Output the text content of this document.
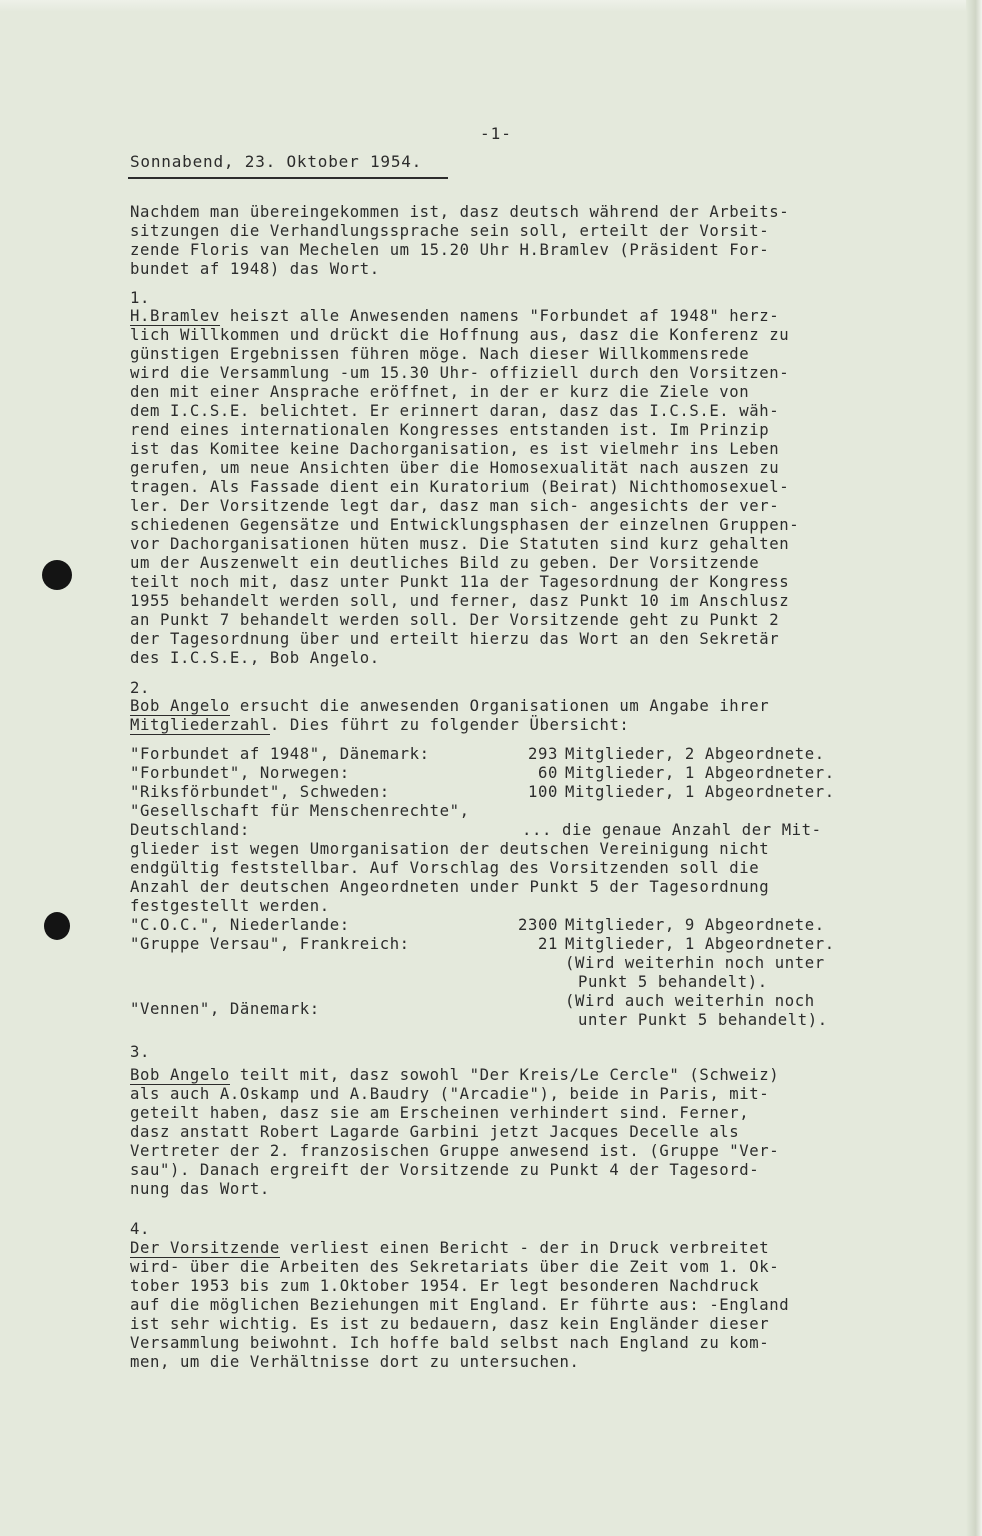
-1-
Sonnabend, 23. Oktober 1954.
Nachdem man übereingekommen ist, dasz deutsch während der Arbeits-
sitzungen die Verhandlungssprache sein soll, erteilt der Vorsit-
zende Floris van Mechelen um 15.20 Uhr H.Bramlev (Präsident For-
bundet af 1948) das Wort.
1.
H.Bramlev heiszt alle Anwesenden namens "Forbundet af 1948" herz-
lich Willkommen und drückt die Hoffnung aus, dasz die Konferenz zu
günstigen Ergebnissen führen möge. Nach dieser Willkommensrede
wird die Versammlung -um 15.30 Uhr- offiziell durch den Vorsitzen-
den mit einer Ansprache eröffnet, in der er kurz die Ziele von
dem I.C.S.E. belichtet. Er erinnert daran, dasz das I.C.S.E. wäh-
rend eines internationalen Kongresses entstanden ist. Im Prinzip
ist das Komitee keine Dachorganisation, es ist vielmehr ins Leben
gerufen, um neue Ansichten über die Homosexualität nach auszen zu
tragen. Als Fassade dient ein Kuratorium (Beirat) Nichthomosexuel-
ler. Der Vorsitzende legt dar, dasz man sich- angesichts der ver-
schiedenen Gegensätze und Entwicklungsphasen der einzelnen Gruppen-
vor Dachorganisationen hüten musz. Die Statuten sind kurz gehalten
um der Auszenwelt ein deutliches Bild zu geben. Der Vorsitzende
teilt noch mit, dasz unter Punkt 11a der Tagesordnung der Kongress
1955 behandelt werden soll, und ferner, dasz Punkt 10 im Anschlusz
an Punkt 7 behandelt werden soll. Der Vorsitzende geht zu Punkt 2
der Tagesordnung über und erteilt hierzu das Wort an den Sekretär
des I.C.S.E., Bob Angelo.
2.
Bob Angelo ersucht die anwesenden Organisationen um Angabe ihrer
Mitgliederzahl. Dies führt zu folgender Übersicht:
"Forbundet af 1948", Dänemark:	293 Mitglieder, 2 Abgeordnete.
"Forbundet", Norwegen:	60 Mitglieder, 1 Abgeordneter.
"Riksförbundet", Schweden:	100 Mitglieder, 1 Abgeordneter.
"Gesellschaft für Menschenrechte",
Deutschland:	... die genaue Anzahl der Mit-
glieder ist wegen Umorganisation der deutschen Vereinigung nicht
endgültig feststellbar. Auf Vorschlag des Vorsitzenden soll die
Anzahl der deutschen Angeordneten under Punkt 5 der Tagesordnung
festgestellt werden.
"C.O.C.", Niederlande:	2300 Mitglieder, 9 Abgeordnete.
"Gruppe Versau", Frankreich:	21 Mitglieder, 1 Abgeordneter.
(Wird weiterhin noch unter
Punkt 5 behandelt).
"Vennen", Dänemark:	(Wird auch weiterhin noch
unter Punkt 5 behandelt).
3.
Bob Angelo teilt mit, dasz sowohl "Der Kreis/Le Cercle" (Schweiz)
als auch A.Oskamp und A.Baudry ("Arcadie"), beide in Paris, mit-
geteilt haben, dasz sie am Erscheinen verhindert sind. Ferner,
dasz anstatt Robert Lagarde Garbini jetzt Jacques Decelle als
Vertreter der 2. franzosischen Gruppe anwesend ist. (Gruppe "Ver-
sau"). Danach ergreift der Vorsitzende zu Punkt 4 der Tagesord-
nung das Wort.
4.
Der Vorsitzende verliest einen Bericht - der in Druck verbreitet
wird- über die Arbeiten des Sekretariats über die Zeit vom 1. Ok-
tober 1953 bis zum 1.Oktober 1954. Er legt besonderen Nachdruck
auf die möglichen Beziehungen mit England. Er führte aus: -England
ist sehr wichtig. Es ist zu bedauern, dasz kein Engländer dieser
Versammlung beiwohnt. Ich hoffe bald selbst nach England zu kom-
men, um die Verhältnisse dort zu untersuchen.
